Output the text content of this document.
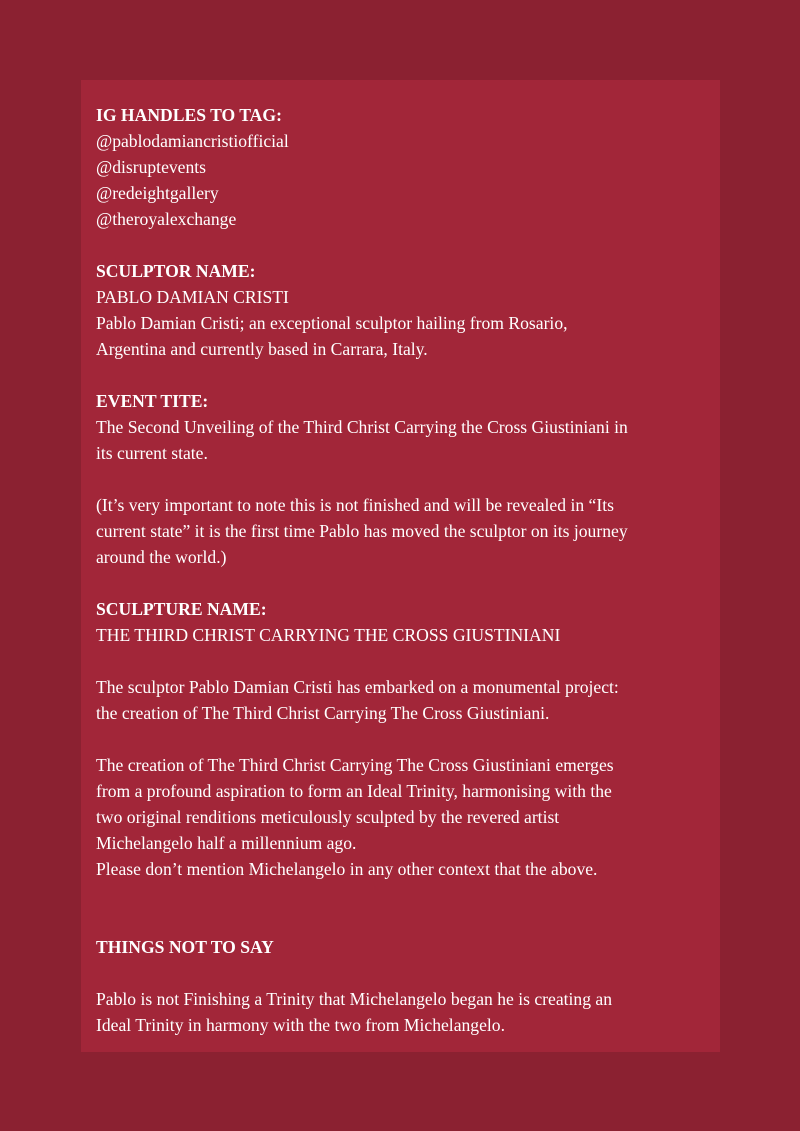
IG HANDLES TO TAG:
@pablodamiancristiofficial
@disruptevents
@redeightgallery
@theroyalexchange
SCULPTOR NAME:
PABLO DAMIAN CRISTI
Pablo Damian Cristi; an exceptional sculptor hailing from Rosario,
Argentina and currently based in Carrara, Italy.
EVENT TITE:
The Second Unveiling of the Third Christ Carrying the Cross Giustiniani in
its current state.
(It’s very important to note this is not finished and will be revealed in “Its
current state” it is the first time Pablo has moved the sculptor on its journey
around the world.)
SCULPTURE NAME:
THE THIRD CHRIST CARRYING THE CROSS GIUSTINIANI
The sculptor Pablo Damian Cristi has embarked on a monumental project:
the creation of The Third Christ Carrying The Cross Giustiniani.
The creation of The Third Christ Carrying The Cross Giustiniani emerges
from a profound aspiration to form an Ideal Trinity, harmonising with the
two original renditions meticulously sculpted by the revered artist
Michelangelo half a millennium ago.
Please don’t mention Michelangelo in any other context that the above.
THINGS NOT TO SAY
Pablo is not Finishing a Trinity that Michelangelo began he is creating an
Ideal Trinity in harmony with the two from Michelangelo.
